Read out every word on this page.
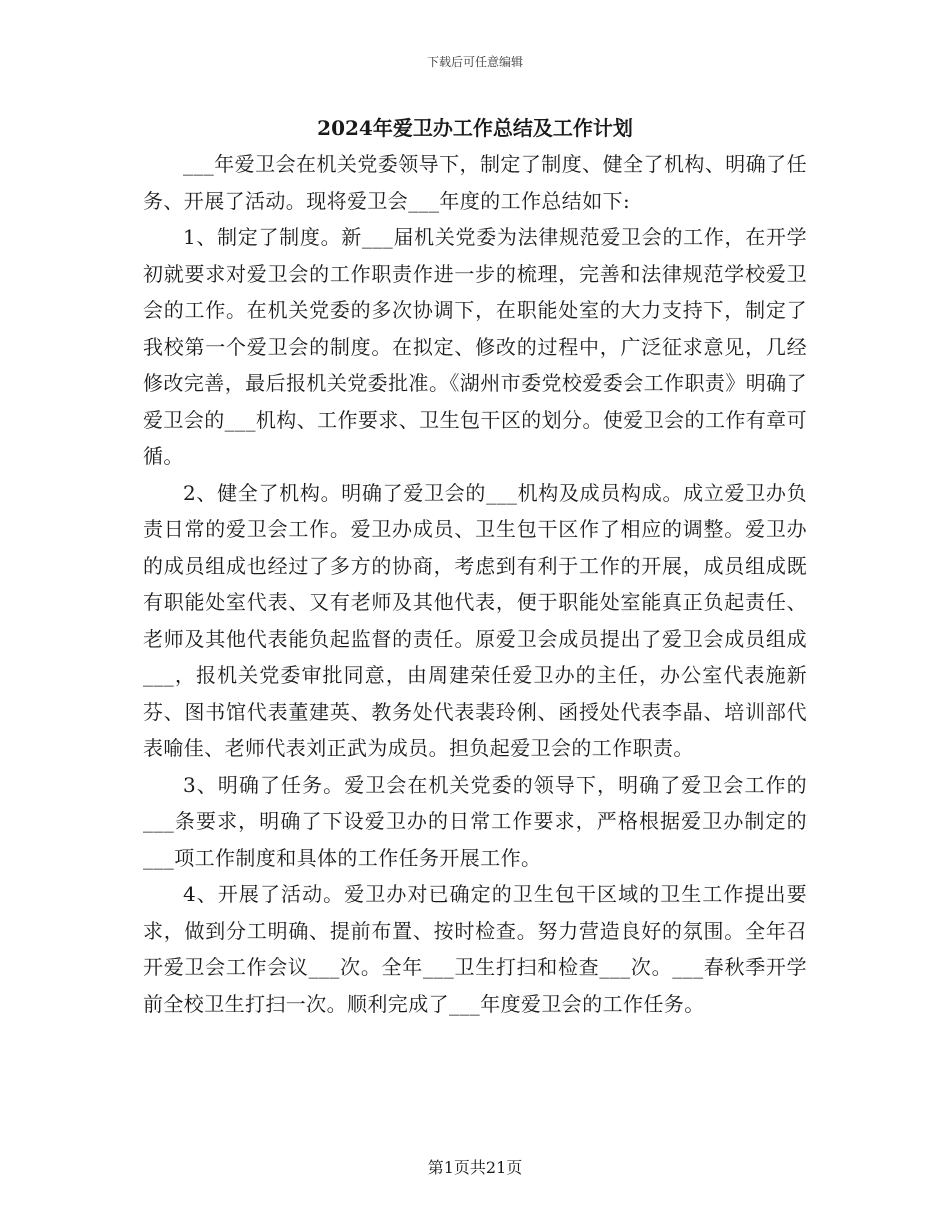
下载后可任意编辑
2024年爱卫办工作总结及工作计划

___年爱卫会在机关党委领导下，制定了制度、健全了机构、明确了任务、开展了活动。现将爱卫会___年度的工作总结如下:

1、制定了制度。新___届机关党委为法律规范爱卫会的工作，在开学初就要求对爱卫会的工作职责作进一步的梳理，完善和法律规范学校爱卫会的工作。在机关党委的多次协调下，在职能处室的大力支持下，制定了我校第一个爱卫会的制度。在拟定、修改的过程中，广泛征求意见，几经修改完善，最后报机关党委批准。《湖州市委党校爱委会工作职责》明确了爱卫会的___机构、工作要求、卫生包干区的划分。使爱卫会的工作有章可循。

2、健全了机构。明确了爱卫会的___机构及成员构成。成立爱卫办负责日常的爱卫会工作。爱卫办成员、卫生包干区作了相应的调整。爱卫办的成员组成也经过了多方的协商，考虑到有利于工作的开展，成员组成既有职能处室代表、又有老师及其他代表，便于职能处室能真正负起责任、老师及其他代表能负起监督的责任。原爱卫会成员提出了爱卫会成员组成___，报机关党委审批同意，由周建荣任爱卫办的主任，办公室代表施新芬、图书馆代表董建英、教务处代表裴玲俐、函授处代表李晶、培训部代表喻佳、老师代表刘正武为成员。担负起爱卫会的工作职责。

3、明确了任务。爱卫会在机关党委的领导下，明确了爱卫会工作的___条要求，明确了下设爱卫办的日常工作要求，严格根据爱卫办制定的___项工作制度和具体的工作任务开展工作。

4、开展了活动。爱卫办对已确定的卫生包干区域的卫生工作提出要求，做到分工明确、提前布置、按时检查。努力营造良好的氛围。全年召开爱卫会工作会议___次。全年___卫生打扫和检查___次。___春秋季开学前全校卫生打扫一次。顺利完成了___年度爱卫会的工作任务。

第1页共21页
